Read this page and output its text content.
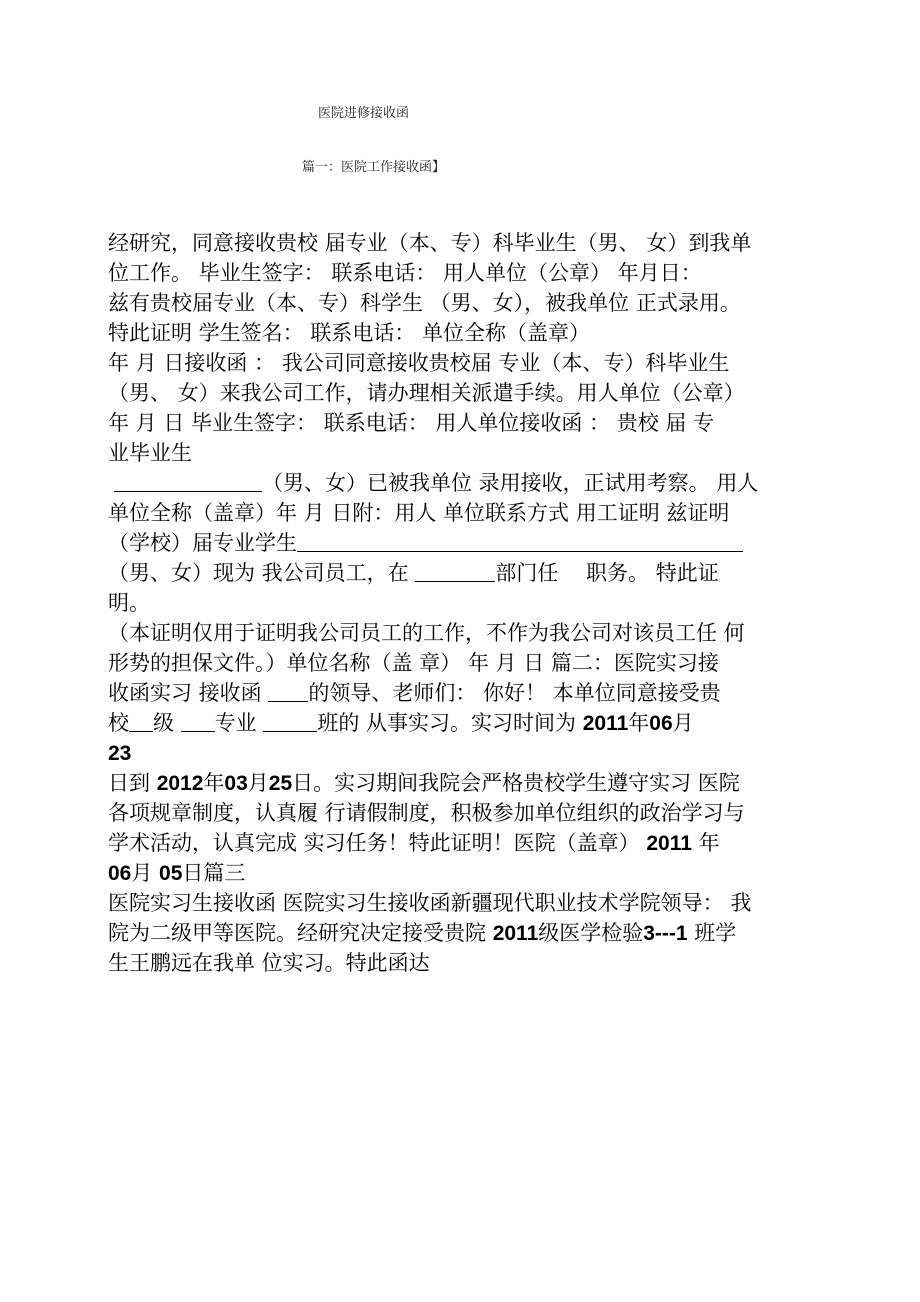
医院进修接收函
篇一：医院工作接收函】
经研究，同意接收贵校 届专业（本、专）科毕业生（男、 女）到我单
位工作。 毕业生签字： 联系电话： 用人单位（公章） 年月日：
兹有贵校届专业（本、专）科学生 （男、女），被我单位 正式录用。
特此证明 学生签名： 联系电话： 单位全称（盖章）
年 月 日接收函 ： 我公司同意接收贵校届 专业（本、专）科毕业生
（男、 女）来我公司工作，请办理相关派遣手续。用人单位（公章）
年 月 日 毕业生签字： 联系电话： 用人单位接收函 ： 贵校 届 专
业毕业生
（男、女）已被我单位 录用接收，正试用考察。 用人
单位全称（盖章）年 月 日附：用人 单位联系方式 用工证明 兹证明
（学校）届专业学生
（男、女）现为 我公司员工，在	部门任 　职务。 特此证
明。
（本证明仅用于证明我公司员工的工作，不作为我公司对该员工任 何
形势的担保文件。）单位名称（盖 章） 年 月 日 篇二：医院实习接
收函实习 接收函 的领导、老师们： 你好！ 本单位同意接受贵
校 级 专业	班的 从事实习。实习时间为 2011年06月
23
日到 2012年03月25日。实习期间我院会严格贵校学生遵守实习 医院
各项规章制度，认真履 行请假制度，积极参加单位组织的政治学习与
学术活动，认真完成 实习任务！特此证明！医院（盖章） 2011 年
06月 05日篇三
医院实习生接收函 医院实习生接收函新疆现代职业技术学院领导： 我
院为二级甲等医院。经研究决定接受贵院 2011级医学检验3---1 班学
生王鹏远在我单 位实习。特此函达
